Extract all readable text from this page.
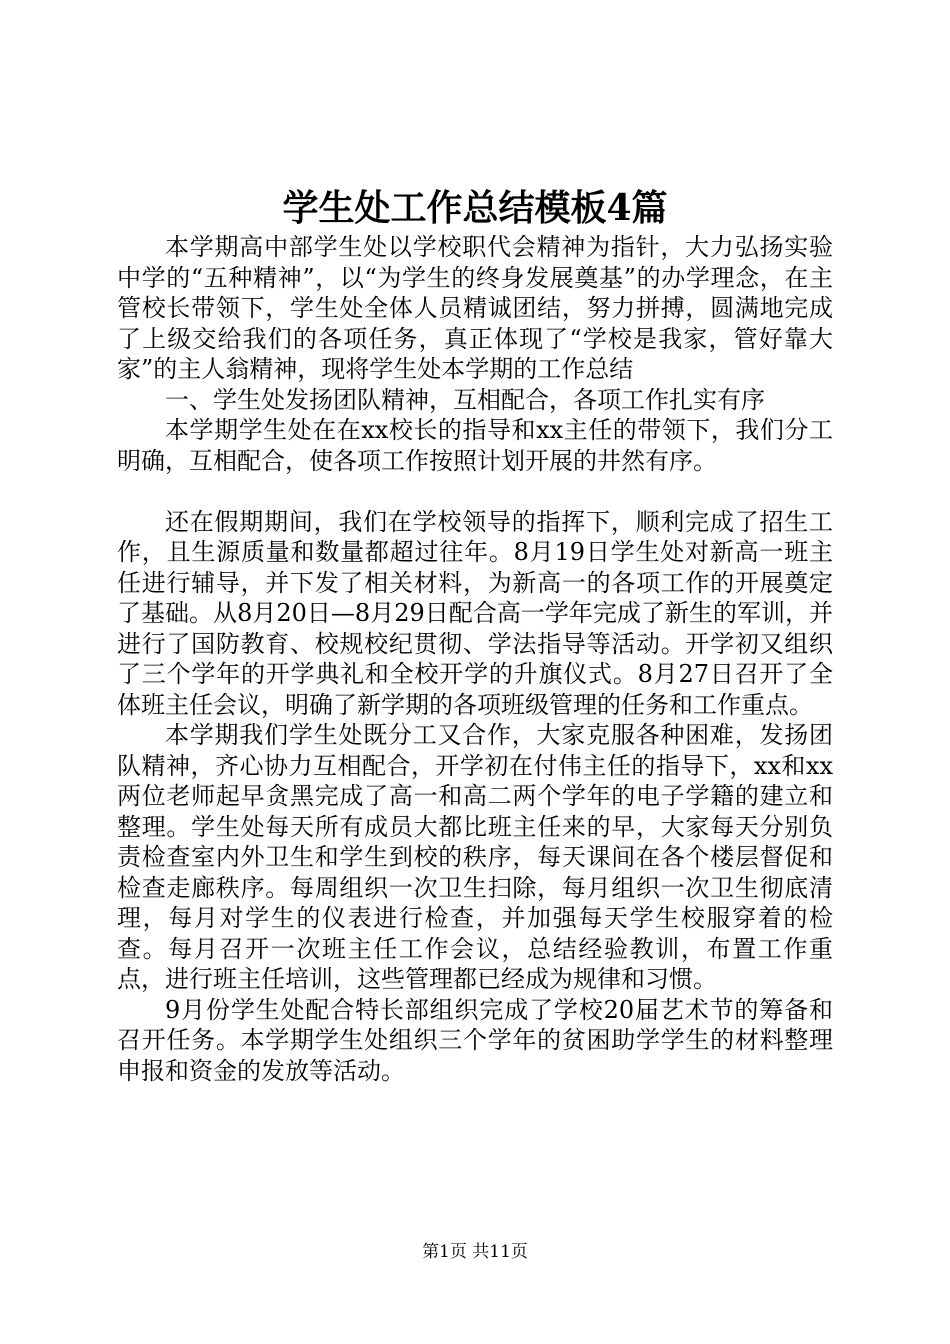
学生处工作总结模板4篇

本学期高中部学生处以学校职代会精神为指针，大力弘扬实验中学的“五种精神”，以“为学生的终身发展奠基”的办学理念，在主管校长带领下，学生处全体人员精诚团结，努力拼搏，圆满地完成了上级交给我们的各项任务，真正体现了“学校是我家，管好靠大家”的主人翁精神，现将学生处本学期的工作总结

一、学生处发扬团队精神，互相配合，各项工作扎实有序

本学期学生处在在xx校长的指导和xx主任的带领下，我们分工明确，互相配合，使各项工作按照计划开展的井然有序。

还在假期期间，我们在学校领导的指挥下，顺利完成了招生工作，且生源质量和数量都超过往年。8月19日学生处对新高一班主任进行辅导，并下发了相关材料，为新高一的各项工作的开展奠定了基础。从8月20日—8月29日配合高一学年完成了新生的军训，并进行了国防教育、校规校纪贯彻、学法指导等活动。开学初又组织了三个学年的开学典礼和全校开学的升旗仪式。8月27日召开了全体班主任会议，明确了新学期的各项班级管理的任务和工作重点。

本学期我们学生处既分工又合作，大家克服各种困难，发扬团队精神，齐心协力互相配合，开学初在付伟主任的指导下，xx和xx两位老师起早贪黑完成了高一和高二两个学年的电子学籍的建立和整理。学生处每天所有成员大都比班主任来的早，大家每天分别负责检查室内外卫生和学生到校的秩序，每天课间在各个楼层督促和检查走廊秩序。每周组织一次卫生扫除，每月组织一次卫生彻底清理，每月对学生的仪表进行检查，并加强每天学生校服穿着的检查。每月召开一次班主任工作会议，总结经验教训，布置工作重点，进行班主任培训，这些管理都已经成为规律和习惯。

9月份学生处配合特长部组织完成了学校20届艺术节的筹备和召开任务。本学期学生处组织三个学年的贫困助学学生的材料整理申报和资金的发放等活动。

第1页 共11页
